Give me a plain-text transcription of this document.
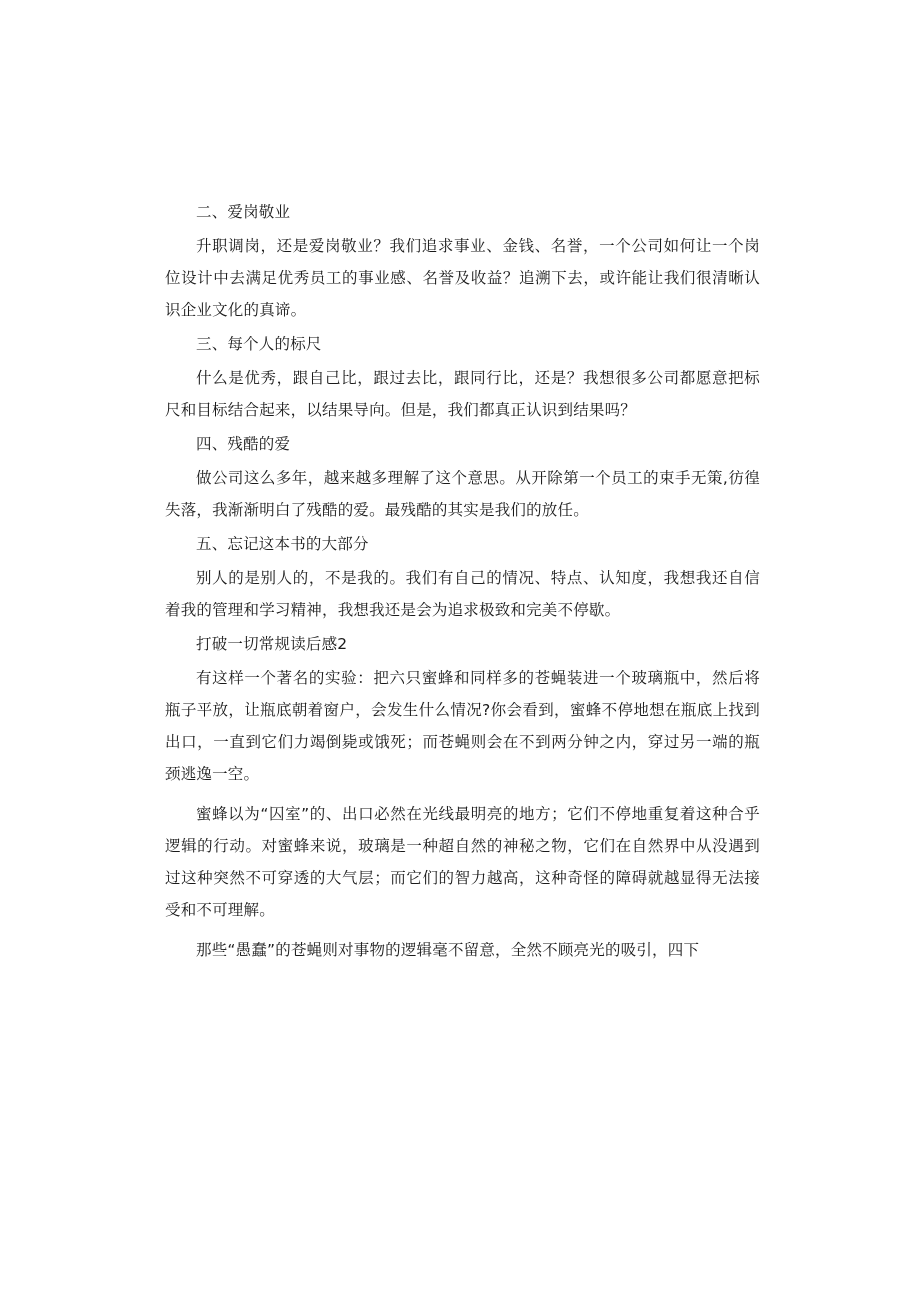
二、爱岗敬业

升职调岗，还是爱岗敬业？我们追求事业、金钱、名誉，一个公司如何让一个岗位设计中去满足优秀员工的事业感、名誉及收益？追溯下去，或许能让我们很清晰认识企业文化的真谛。

三、每个人的标尺

什么是优秀，跟自己比，跟过去比，跟同行比，还是？我想很多公司都愿意把标尺和目标结合起来，以结果导向。但是，我们都真正认识到结果吗？

四、残酷的爱

做公司这么多年，越来越多理解了这个意思。从开除第一个员工的束手无策,彷徨失落，我渐渐明白了残酷的爱。最残酷的其实是我们的放任。

五、忘记这本书的大部分

别人的是别人的，不是我的。我们有自己的情况、特点、认知度，我想我还自信着我的管理和学习精神，我想我还是会为追求极致和完美不停歇。

打破一切常规读后感2

有这样一个著名的实验：把六只蜜蜂和同样多的苍蝇装进一个玻璃瓶中，然后将瓶子平放，让瓶底朝着窗户，会发生什么情况?你会看到，蜜蜂不停地想在瓶底上找到出口，一直到它们力竭倒毙或饿死；而苍蝇则会在不到两分钟之内，穿过另一端的瓶颈逃逸一空。

蜜蜂以为“囚室”的、出口必然在光线最明亮的地方；它们不停地重复着这种合乎逻辑的行动。对蜜蜂来说，玻璃是一种超自然的神秘之物，它们在自然界中从没遇到过这种突然不可穿透的大气层；而它们的智力越高，这种奇怪的障碍就越显得无法接受和不可理解。

那些“愚蠢”的苍蝇则对事物的逻辑毫不留意，全然不顾亮光的吸引，四下
